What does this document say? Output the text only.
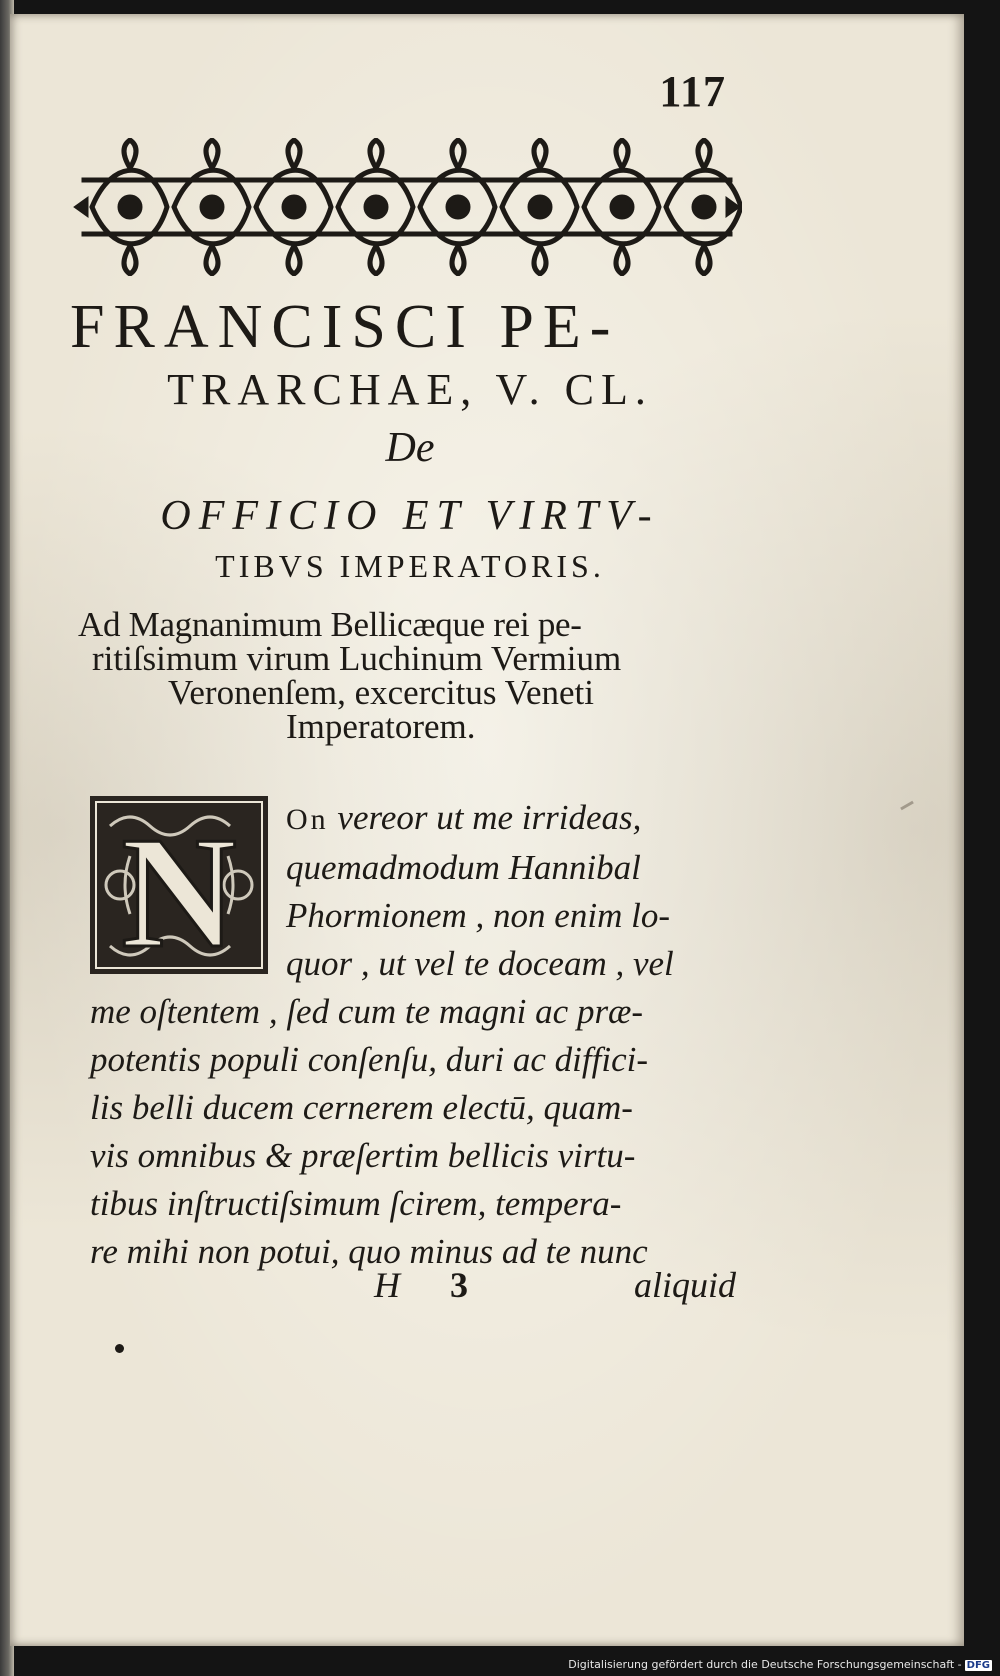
117
FRANCISCI PE-
TRARCHAE, V. CL.
De
OFFICIO ET VIRTV-
TIBVS IMPERATORIS.
Ad Magnanimum Bellicæque rei pe-
ritiſsimum virum Luchinum Vermium
Veronenſem, excercitus Veneti
Imperatorem.
N	On vereor ut me irrideas,
quemadmodum Hannibal
Phormionem , non enim lo-
quor , ut vel te doceam , vel
me oſtentem , ſed cum te magni ac præ-
potentis populi conſenſu, duri ac diffici-
lis belli ducem cernerem electū, quam-
vis omnibus & præſertim bellicis virtu-
tibus inſtructiſsimum ſcirem, tempera-
re mihi non potui, quo minus ad te nunc
H 3	aliquid
Digitalisierung gefördert durch die Deutsche Forschungsgemeinschaft - DFG
